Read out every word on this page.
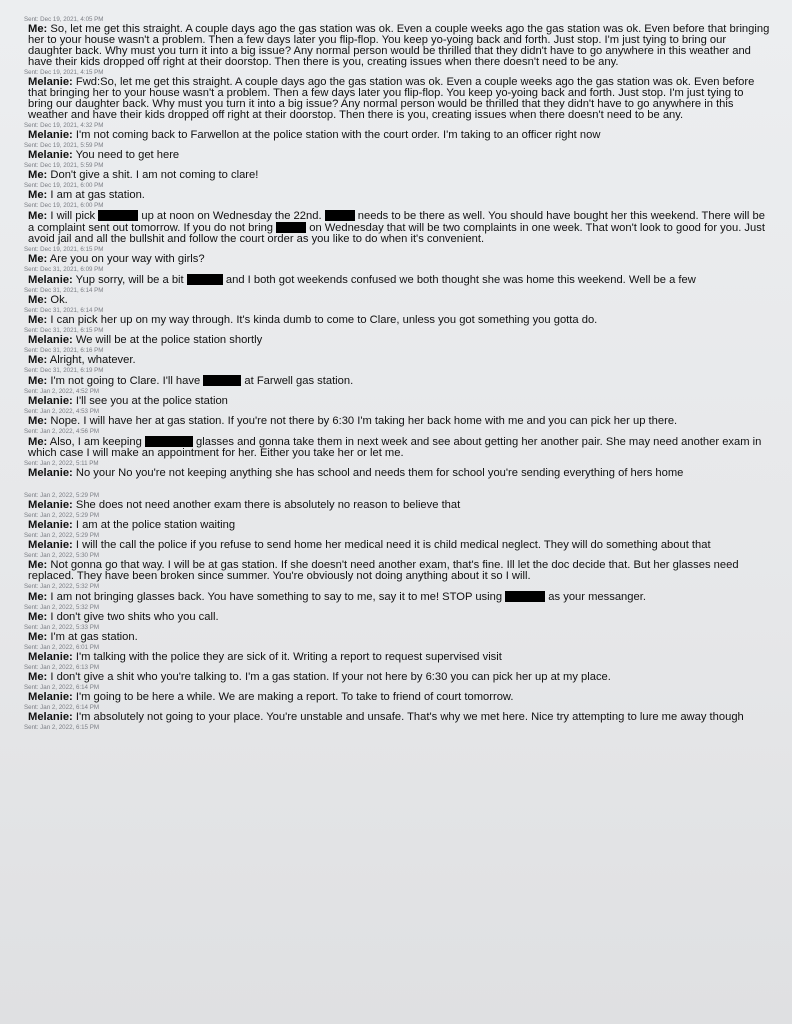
Sent: Dec 19, 2021, 4:05 PM
Me: So, let me get this straight. A couple days ago the gas station was ok. Even a couple weeks ago the gas station was ok. Even before that bringing her to your house wasn't a problem. Then a few days later you flip-flop. You keep yo-yoing back and forth. Just stop. I'm just tying to bring our daughter back. Why must you turn it into a big issue? Any normal person would be thrilled that they didn't have to go anywhere in this weather and have their kids dropped off right at their doorstop. Then there is you, creating issues when there doesn't need to be any.
Sent: Dec 19, 2021, 4:15 PM
Melanie: Fwd:So, let me get this straight. A couple days ago the gas station was ok. Even a couple weeks ago the gas station was ok. Even before that bringing her to your house wasn't a problem. Then a few days later you flip-flop. You keep yo-yoing back and forth. Just stop. I'm just tying to bring our daughter back. Why must you turn it into a big issue? Any normal person would be thrilled that they didn't have to go anywhere in this weather and have their kids dropped off right at their doorstop. Then there is you, creating issues when there doesn't need to be any.
Sent: Dec 19, 2021, 4:32 PM
Melanie: I'm not coming back to Farwellon at the police station with the court order. I'm taking to an officer right now
Sent: Dec 19, 2021, 5:59 PM
Melanie: You need to get here
Sent: Dec 19, 2021, 5:59 PM
Me: Don't give a shit. I am not coming to clare!
Sent: Dec 19, 2021, 6:00 PM
Me: I am at gas station.
Sent: Dec 19, 2021, 6:00 PM
Me: I will pick	up at noon on Wednesday the 22nd.	needs to be there as well. You should have bought her this weekend. There will be a complaint sent out tomorrow. If you do not bring	on Wednesday that will be two complaints in one week. That won't look to good for you. Just avoid jail and all the bullshit and follow the court order as you like to do when it's convenient.
Sent: Dec 19, 2021, 6:15 PM
Me: Are you on your way with girls?
Sent: Dec 31, 2021, 6:09 PM
Melanie: Yup sorry, will be a bit	and I both got weekends confused we both thought she was home this weekend. Well be a few
Sent: Dec 31, 2021, 6:14 PM
Me: Ok.
Sent: Dec 31, 2021, 6:14 PM
Me: I can pick her up on my way through. It's kinda dumb to come to Clare, unless you got something you gotta do.
Sent: Dec 31, 2021, 6:15 PM
Melanie: We will be at the police station shortly
Sent: Dec 31, 2021, 6:16 PM
Me: Alright, whatever.
Sent: Dec 31, 2021, 6:19 PM
Me: I'm not going to Clare. I'll have	at Farwell gas station.
Sent: Jan 2, 2022, 4:52 PM
Melanie: I'll see you at the police station
Sent: Jan 2, 2022, 4:53 PM
Me: Nope. I will have her at gas station. If you're not there by 6:30 I'm taking her back home with me and you can pick her up there.
Sent: Jan 2, 2022, 4:56 PM
Me: Also, I am keeping	glasses and gonna take them in next week and see about getting her another pair. She may need another exam in which case I will make an appointment for her. Either you take her or let me.
Sent: Jan 2, 2022, 5:11 PM
Melanie: No your No you're not keeping anything she has school and needs them for school you're sending everything of hers home
Sent: Jan 2, 2022, 5:29 PM
Melanie: She does not need another exam there is absolutely no reason to believe that
Sent: Jan 2, 2022, 5:29 PM
Melanie: I am at the police station waiting
Sent: Jan 2, 2022, 5:29 PM
Melanie: I will the call the police if you refuse to send home her medical need it is child medical neglect. They will do something about that
Sent: Jan 2, 2022, 5:30 PM
Me: Not gonna go that way. I will be at gas station. If she doesn't need another exam, that's fine. Ill let the doc decide that. But her glasses need replaced. They have been broken since summer. You're obviously not doing anything about it so I will.
Sent: Jan 2, 2022, 5:32 PM
Me: I am not bringing glasses back. You have something to say to me, say it to me! STOP using	as your messanger.
Sent: Jan 2, 2022, 5:32 PM
Me: I don't give two shits who you call.
Sent: Jan 2, 2022, 5:33 PM
Me: I'm at gas station.
Sent: Jan 2, 2022, 6:01 PM
Melanie: I'm talking with the police they are sick of it. Writing a report to request supervised visit
Sent: Jan 2, 2022, 6:13 PM
Me: I don't give a shit who you're talking to. I'm a gas station. If your not here by 6:30 you can pick her up at my place.
Sent: Jan 2, 2022, 6:14 PM
Melanie: I'm going to be here a while. We are making a report. To take to friend of court tomorrow.
Sent: Jan 2, 2022, 6:14 PM
Melanie: I'm absolutely not going to your place. You're unstable and unsafe. That's why we met here. Nice try attempting to lure me away though
Sent: Jan 2, 2022, 6:15 PM
